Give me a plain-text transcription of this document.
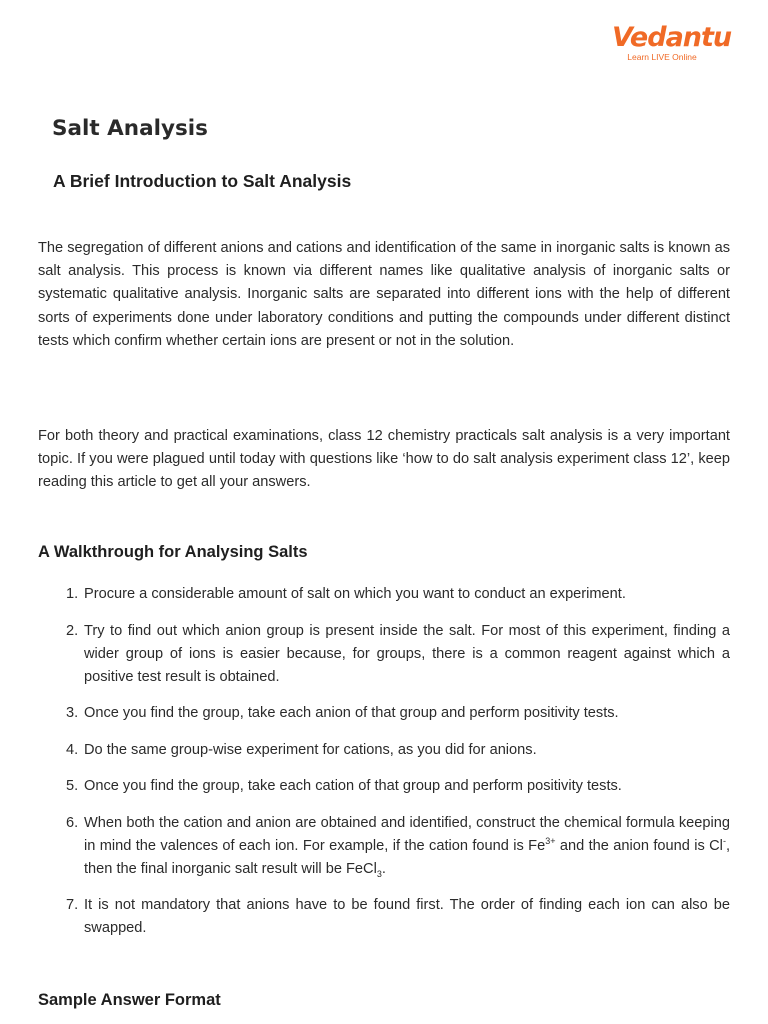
Vedantu
Learn LIVE Online
Salt Analysis
A Brief Introduction to Salt Analysis

The segregation of different anions and cations and identification of the same in inorganic salts is known as salt analysis. This process is known via different names like qualitative analysis of inorganic salts or systematic qualitative analysis. Inorganic salts are separated into different ions with the help of different sorts of experiments done under laboratory conditions and putting the compounds under different distinct tests which confirm whether certain ions are present or not in the solution.

For both theory and practical examinations, class 12 chemistry practicals salt analysis is a very important topic. If you were plagued until today with questions like ‘how to do salt analysis experiment class 12’, keep reading this article to get all your answers.

A Walkthrough for Analysing Salts
1. Procure a considerable amount of salt on which you want to conduct an experiment.
2. Try to find out which anion group is present inside the salt. For most of this experiment, finding a wider group of ions is easier because, for groups, there is a common reagent against which a positive test result is obtained.
3. Once you find the group, take each anion of that group and perform positivity tests.
4. Do the same group-wise experiment for cations, as you did for anions.
5. Once you find the group, take each cation of that group and perform positivity tests.
6. When both the cation and anion are obtained and identified, construct the chemical formula keeping in mind the valences of each ion. For example, if the cation found is $Fe^{3+}$ and the anion found is Cl-, then the final inorganic salt result will be FeCl$_3$.
7. It is not mandatory that anions have to be found first. The order of finding each ion can also be swapped.
Sample Answer Format
